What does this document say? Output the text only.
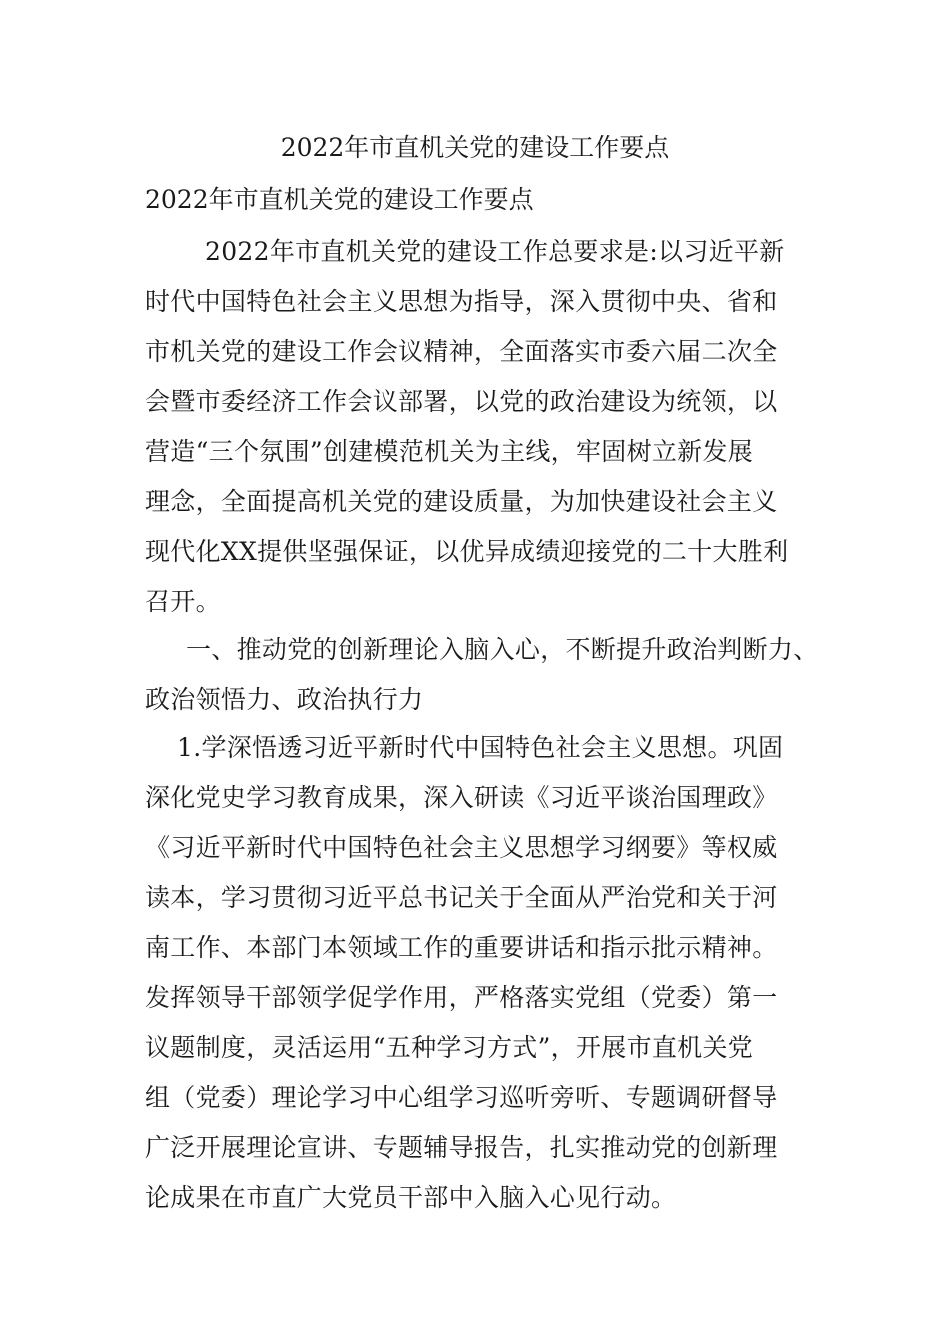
2022年市直机关党的建设工作要点
2022年市直机关党的建设工作要点
2022年市直机关党的建设工作总要求是:以习近平新
时代中国特色社会主义思想为指导，深入贯彻中央、省和
市机关党的建设工作会议精神，全面落实市委六届二次全
会暨市委经济工作会议部署，以党的政治建设为统领，以
营造“三个氛围”创建模范机关为主线，牢固树立新发展
理念，全面提高机关党的建设质量，为加快建设社会主义
现代化XX提供坚强保证，以优异成绩迎接党的二十大胜利
召开。
一、推动党的创新理论入脑入心，不断提升政治判断力、
政治领悟力、政治执行力
1.学深悟透习近平新时代中国特色社会主义思想。巩固
深化党史学习教育成果，深入研读《习近平谈治国理政》
《习近平新时代中国特色社会主义思想学习纲要》等权威
读本，学习贯彻习近平总书记关于全面从严治党和关于河
南工作、本部门本领域工作的重要讲话和指示批示精神。
发挥领导干部领学促学作用，严格落实党组（党委）第一
议题制度，灵活运用“五种学习方式”，开展市直机关党
组（党委）理论学习中心组学习巡听旁听、专题调研督导
广泛开展理论宣讲、专题辅导报告，扎实推动党的创新理
论成果在市直广大党员干部中入脑入心见行动。
